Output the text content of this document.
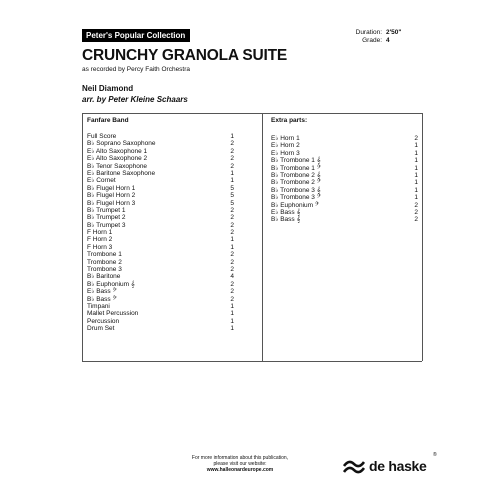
Peter's Popular Collection	Duration: 2'50"
Grade: 4
CRUNCHY GRANOLA SUITE
as recorded by Percy Faith Orchestra
Neil Diamond
arr. by Peter Kleine Schaars
Fanfare Band
Full Score	1
B♭ Soprano Saxophone	2
E♭ Alto Saxophone 1	2
E♭ Alto Saxophone 2	2
B♭ Tenor Saxophone	2
E♭ Baritone Saxophone	1
E♭ Cornet	1
B♭ Flugel Horn 1	5
B♭ Flugel Horn 2	5
B♭ Flugel Horn 3	5
B♭ Trumpet 1	2
B♭ Trumpet 2	2
B♭ Trumpet 3	2
F Horn 1	2
F Horn 2	1
F Horn 3	1
Trombone 1	2
Trombone 2	2
Trombone 3	2
B♭ Baritone	4
B♭ Euphonium 𝄞	2
E♭ Bass 𝄢	2
B♭ Bass 𝄢	2
Timpani	1
Mallet Percussion	1
Percussion	1
Drum Set	1
Extra parts:
E♭ Horn 1	2
E♭ Horn 2	1
E♭ Horn 3	1
B♭ Trombone 1 𝄞	1
B♭ Trombone 1 𝄢	1
B♭ Trombone 2 𝄞	1
B♭ Trombone 2 𝄢	1
B♭ Trombone 3 𝄞	1
B♭ Trombone 3 𝄢	1
B♭ Euphonium 𝄢	2
E♭ Bass 𝄞	2
B♭ Bass 𝄞	2
For more information about this publication,
please visit our website:
www.halleonardeurope.com	de haske
®
